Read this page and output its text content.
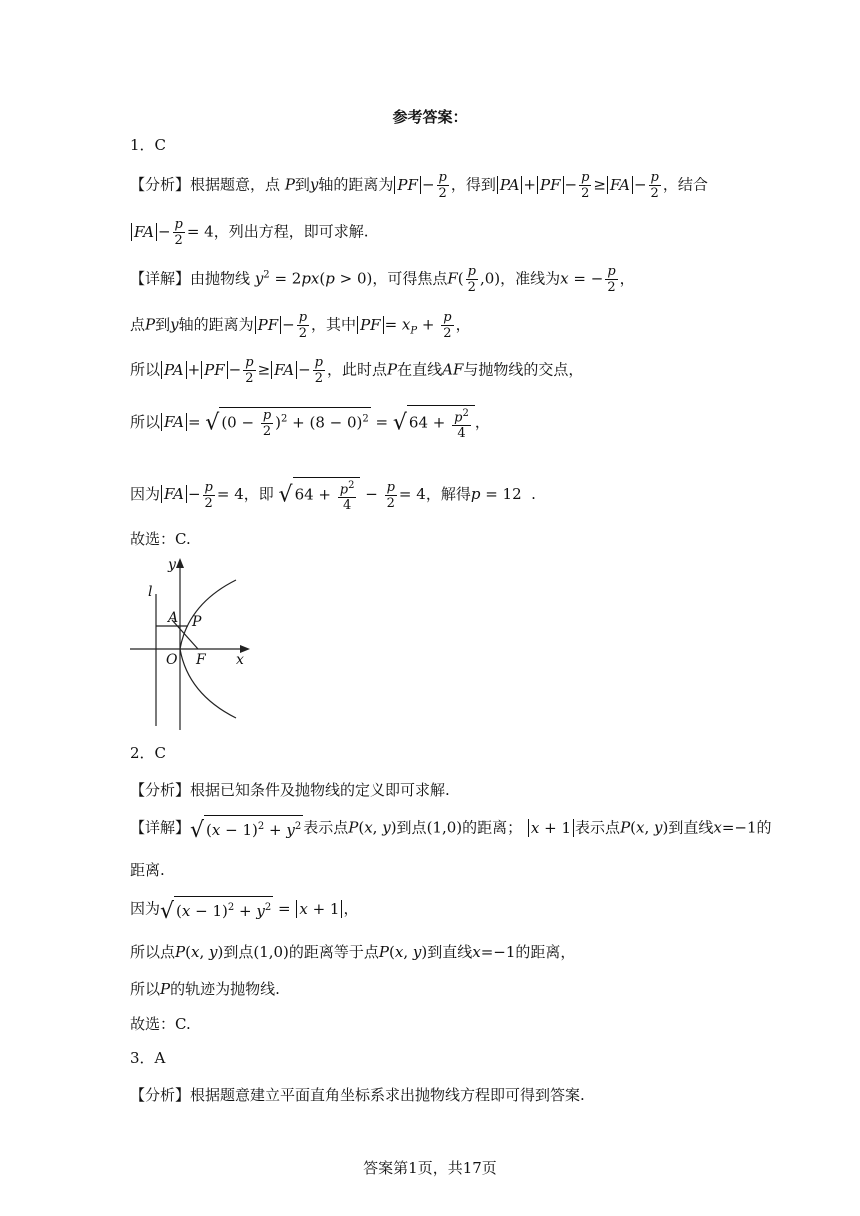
参考答案：
1．C
【分析】根据题意，点 P到y轴的距离为 PF − $\frac{p}{2}$ ，得到 PA + PF − $\frac{p}{2}$ ≥ FA − $\frac{p}{2}$ ，结合
FA − $\frac{p}{2} = 4$，列出方程，即可求解.
【详解】由抛物线 $y^2 = 2px(p > 0)$，可得焦点$F( \frac{p}{2} ,0)$，准线为x = − $\frac{p}{2}$ ，
点P到y轴的距离为 PF − $\frac{p}{2}$ ，其中 PF = $x_P + \frac{p}{2}$ ，
所以 PA + PF − $\frac{p}{2}$ ≥ FA − $\frac{p}{2}$ ，此时点P在直线AF与抛物线的交点，
所以 FA = √ $(0 - \frac{p}{2} )^2 + (8 - 0)^2$ = √ $64 + \frac{p^2}{4}$ ，
因为 FA − $\frac{p}{2} = 4$，即 √ $64 + \frac{p^2}{4} - \frac{p}{2} = 4$，解得p = 12  .
故选：C.
y
l
A P
O F x
2．C
【分析】根据已知条件及抛物线的定义即可求解.
【详解】√ $(x - 1)^2 + y^2$ 表示点P(x, y)到点(1,0)的距离； x + 1 表示点P(x, y)到直线x=−1的
距离.
因为√ $(x - 1)^2 + y^2 = x + 1$ ，
所以点P(x, y)到点(1,0)的距离等于点P(x, y)到直线x=−1的距离，
所以P的轨迹为抛物线.
故选：C.
3．A
【分析】根据题意建立平面直角坐标系求出抛物线方程即可得到答案.
答案第1页，共17页
